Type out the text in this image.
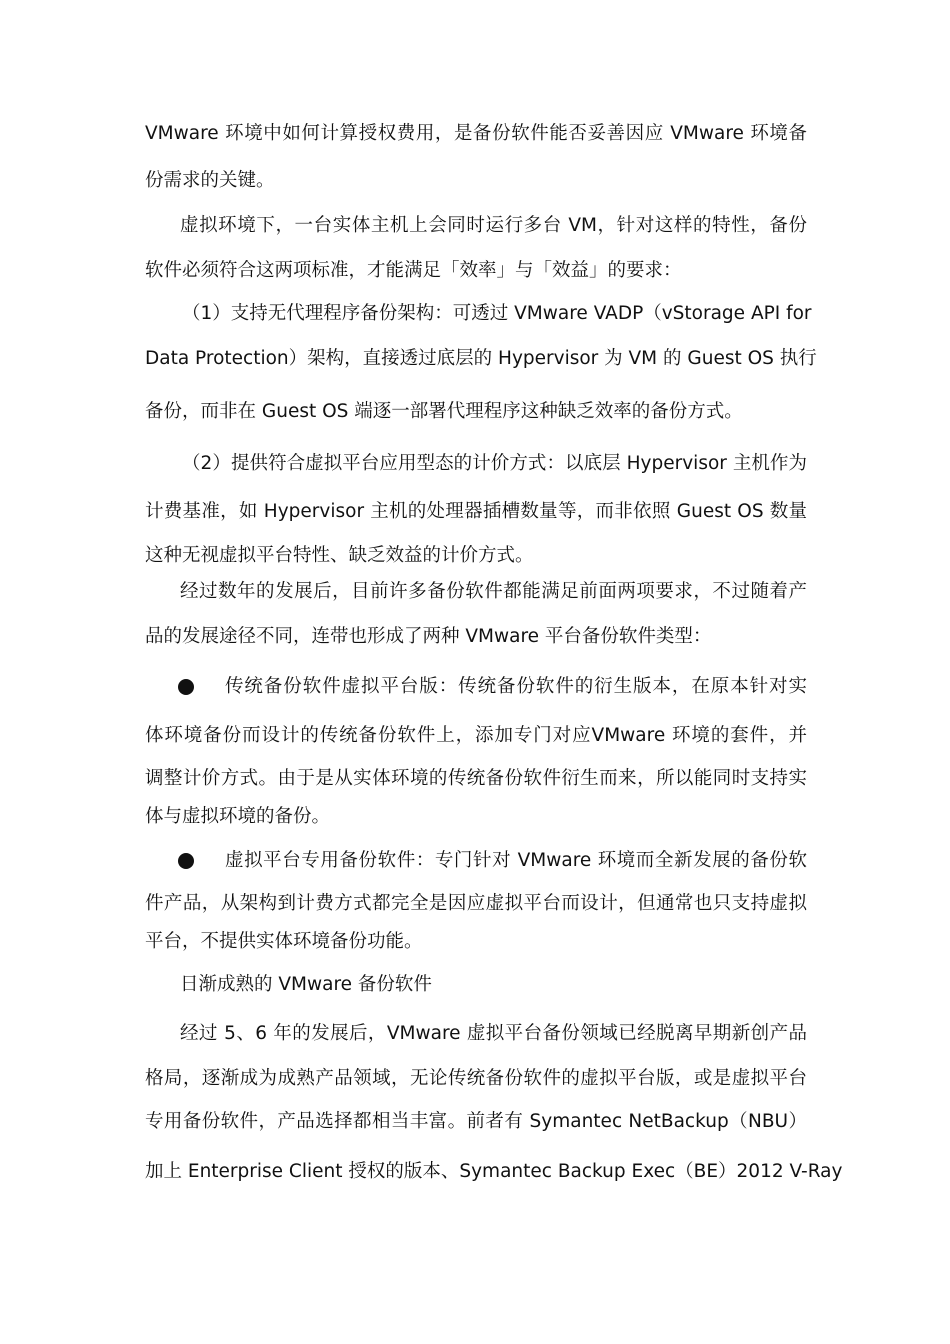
VMware 环境中如何计算授权费用，是备份软件能否妥善因应 VMware 环境备
份需求的关键。
虚拟环境下，一台实体主机上会同时运行多台 VM，针对这样的特性，备份
软件必须符合这两项标准，才能满足「效率」与「效益」的要求：
（1）支持无代理程序备份架构：可透过 VMware VADP（vStorage API for
Data Protection）架构，直接透过底层的 Hypervisor 为 VM 的 Guest OS 执行
备份，而非在 Guest OS 端逐一部署代理程序这种缺乏效率的备份方式。
（2）提供符合虚拟平台应用型态的计价方式：以底层 Hypervisor 主机作为
计费基准，如 Hypervisor 主机的处理器插槽数量等，而非依照 Guest OS 数量
这种无视虚拟平台特性、缺乏效益的计价方式。
经过数年的发展后，目前许多备份软件都能满足前面两项要求，不过随着产
品的发展途径不同，连带也形成了两种 VMware 平台备份软件类型：
传统备份软件虚拟平台版：传统备份软件的衍生版本，在原本针对实
体环境备份而设计的传统备份软件上，添加专门对应VMware 环境的套件，并
调整计价方式。由于是从实体环境的传统备份软件衍生而来，所以能同时支持实
体与虚拟环境的备份。
虚拟平台专用备份软件：专门针对 VMware 环境而全新发展的备份软
件产品，从架构到计费方式都完全是因应虚拟平台而设计，但通常也只支持虚拟
平台，不提供实体环境备份功能。
日渐成熟的 VMware 备份软件
经过 5、6 年的发展后，VMware 虚拟平台备份领域已经脱离早期新创产品
格局，逐渐成为成熟产品领域，无论传统备份软件的虚拟平台版，或是虚拟平台
专用备份软件，产品选择都相当丰富。前者有 Symantec NetBackup（NBU）
加上 Enterprise Client 授权的版本、Symantec Backup Exec（BE）2012 V-Ray
